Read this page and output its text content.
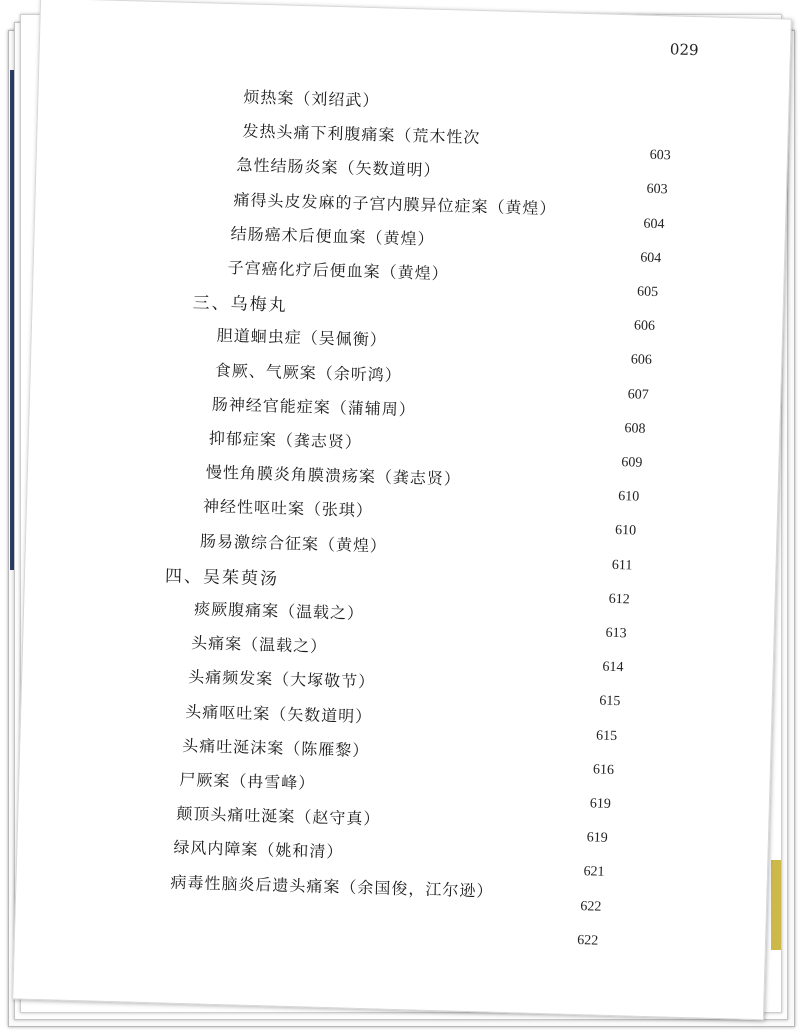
029
烦热案（刘绍武）
发热头痛下利腹痛案（荒木性次
603
急性结肠炎案（矢数道明）
603
痛得头皮发麻的子宫内膜异位症案（黄煌）
604
结肠癌术后便血案（黄煌）
604
子宫癌化疗后便血案（黄煌）
605
三、乌梅丸
606
胆道蛔虫症（吴佩衡）
606
食厥、气厥案（余听鸿）
607
肠神经官能症案（蒲辅周）
608
抑郁症案（龚志贤）
609
慢性角膜炎角膜溃疡案（龚志贤）
610
神经性呕吐案（张琪）
610
肠易激综合征案（黄煌）
611
四、吴茱萸汤
612
痰厥腹痛案（温载之）
613
头痛案（温载之）
614
头痛频发案（大塚敬节）
615
头痛呕吐案（矢数道明）
615
头痛吐涎沫案（陈雁黎）
616
尸厥案（冉雪峰）
619
颠顶头痛吐涎案（赵守真）
619
绿风内障案（姚和清）
621
病毒性脑炎后遗头痛案（余国俊，江尔逊）
622
622
